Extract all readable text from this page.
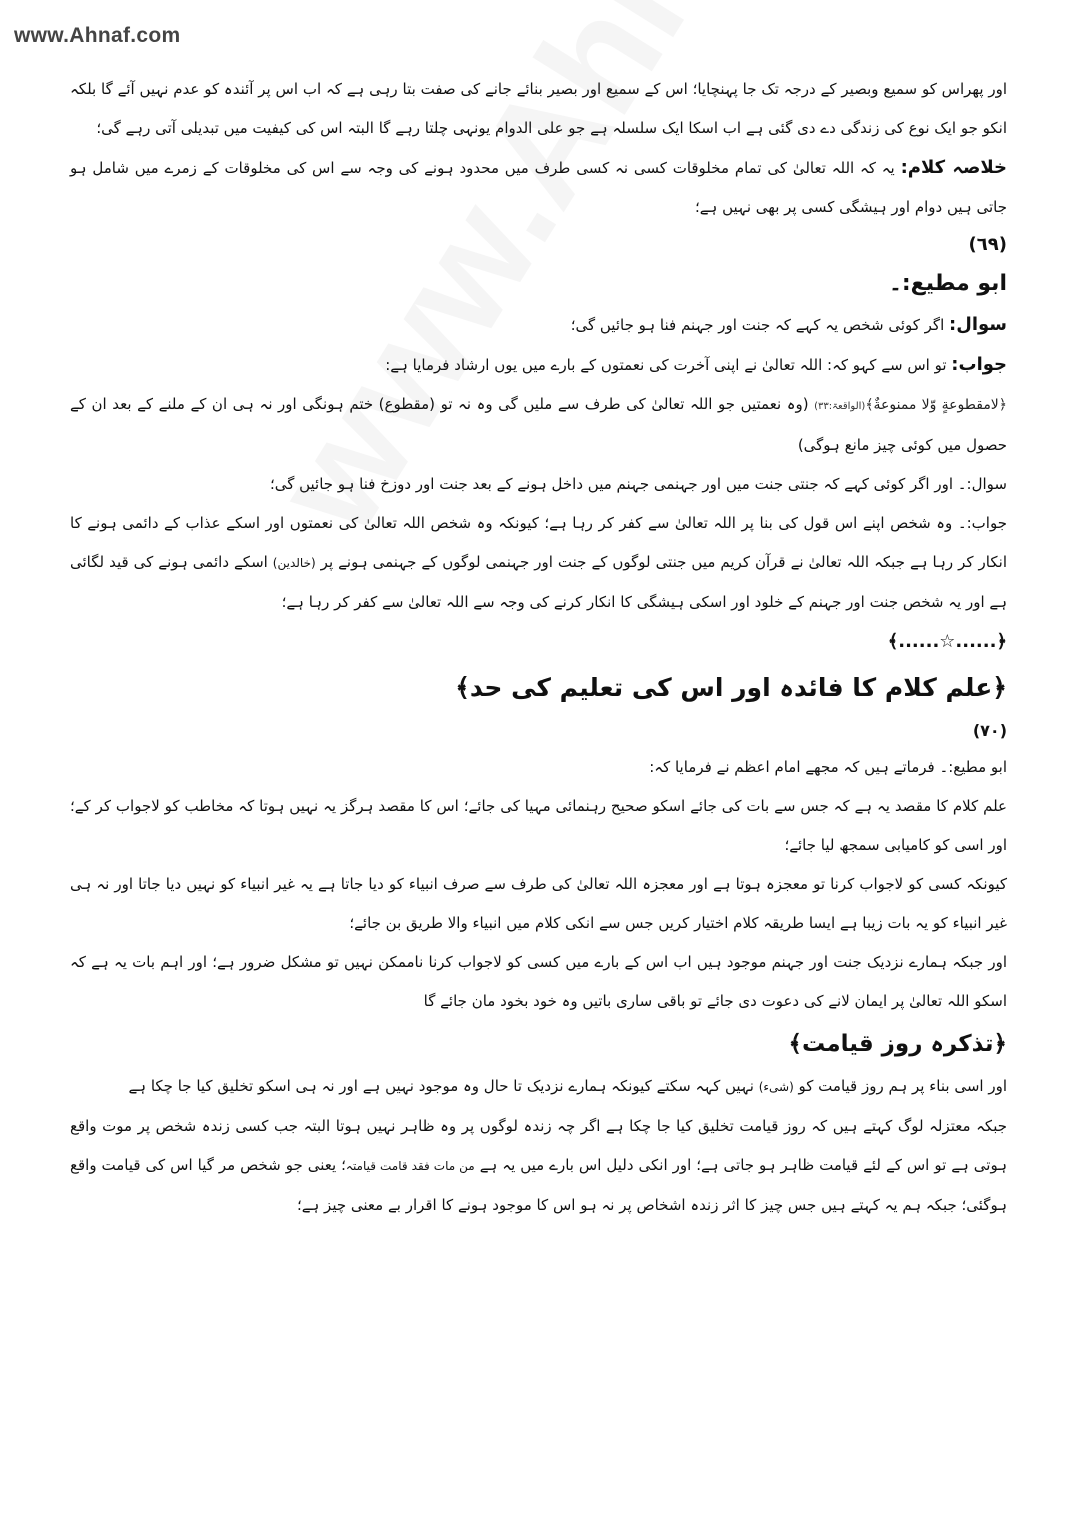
www.Ahnaf.com

اور پھراس کو سمیع وبصیر کے درجہ تک جا پہنچایا؛ اس کے سمیع اور بصیر بنائے جانے کی صفت بتا رہی ہے کہ اب اس پر آئندہ کو عدم نہیں آئے گا بلکہ انکو جو ایک نوع کی زندگی دے دی گئی ہے اب اسکا ایک سلسلہ ہے جو علی الدوام یونہی چلتا رہے گا البتہ اس کی کیفیت میں تبدیلی آتی رہے گی؛

خلاصہ کلام: یہ کہ اللہ تعالیٰ کی تمام مخلوقات کسی نہ کسی طرف میں محدود ہونے کی وجہ سے اس کی مخلوقات کے زمرے میں شامل ہو جاتی ہیں دوام اور ہیشگی کسی پر بھی نہیں ہے؛

(٦٩)
ابو مطیع:۔

سوال: اگر کوئی شخص یہ کہے کہ جنت اور جہنم فنا ہو جائیں گی؛

جواب: تو اس سے کہو کہ: اللہ تعالیٰ نے اپنی آخرت کی نعمتوں کے بارے میں یوں ارشاد فرمایا ہے:

﴿لامقطوعةٍ وّلا ممنوعةٌ﴾(الواقعۃ:۳۳) (وہ نعمتیں جو اللہ تعالیٰ کی طرف سے ملیں گی وہ نہ تو (مقطوع) ختم ہونگی اور نہ ہی ان کے ملنے کے بعد ان کے حصول میں کوئی چیز مانع ہوگی)

سوال:۔ اور اگر کوئی کہے کہ جنتی جنت میں اور جہنمی جہنم میں داخل ہونے کے بعد جنت اور دوزخ فنا ہو جائیں گی؛

جواب:۔ وہ شخص اپنے اس قول کی بنا پر اللہ تعالیٰ سے کفر کر رہا ہے؛ کیونکہ وہ شخص اللہ تعالیٰ کی نعمتوں اور اسکے عذاب کے دائمی ہونے کا انکار کر رہا ہے جبکہ اللہ تعالیٰ نے قرآن کریم میں جنتی لوگوں کے جنت اور جہنمی لوگوں کے جہنمی ہونے پر (خالدین) اسکے دائمی ہونے کی قید لگائی ہے اور یہ شخص جنت اور جہنم کے خلود اور اسکی ہیشگی کا انکار کرنے کی وجہ سے اللہ تعالیٰ سے کفر کر رہا ہے؛

﴿......☆......﴾
﴿علم کلام کا فائدہ اور اس کی تعلیم کی حد﴾
(٧٠)

ابو مطیع:۔ فرماتے ہیں کہ مجھے امام اعظم نے فرمایا کہ:

علم کلام کا مقصد یہ ہے کہ جس سے بات کی جائے اسکو صحیح رہنمائی مہیا کی جائے؛ اس کا مقصد ہرگز یہ نہیں ہوتا کہ مخاطب کو لاجواب کر کے؛ اور اسی کو کامیابی سمجھ لیا جائے؛

کیونکہ کسی کو لاجواب کرنا تو معجزہ ہوتا ہے اور معجزہ اللہ تعالیٰ کی طرف سے صرف انبیاء کو دیا جاتا ہے یہ غیر انبیاء کو نہیں دیا جاتا اور نہ ہی غیر انبیاء کو یہ بات زیبا ہے ایسا طریقہ کلام اختیار کریں جس سے انکی کلام میں انبیاء والا طریق بن جائے؛

اور جبکہ ہمارے نزدیک جنت اور جہنم موجود ہیں اب اس کے بارے میں کسی کو لاجواب کرنا ناممکن نہیں تو مشکل ضرور ہے؛ اور اہم بات یہ ہے کہ اسکو اللہ تعالیٰ پر ایمان لانے کی دعوت دی جائے تو باقی ساری باتیں وہ خود بخود مان جائے گا

﴿تذکرہ روز قیامت﴾

اور اسی بناء پر ہم روز قیامت کو (شیء) نہیں کہہ سکتے کیونکہ ہمارے نزدیک تا حال وہ موجود نہیں ہے اور نہ ہی اسکو تخلیق کیا جا چکا ہے

جبکہ معتزلہ لوگ کہتے ہیں کہ روز قیامت تخلیق کیا جا چکا ہے اگر چہ زندہ لوگوں پر وہ ظاہر نہیں ہوتا البتہ جب کسی زندہ شخص پر موت واقع ہوتی ہے تو اس کے لئے قیامت ظاہر ہو جاتی ہے؛ اور انکی دلیل اس بارے میں یہ ہے من مات فقد قامت قیامتہ؛ یعنی جو شخص مر گیا اس کی قیامت واقع ہوگئی؛ جبکہ ہم یہ کہتے ہیں جس چیز کا اثر زندہ اشخاص پر نہ ہو اس کا موجود ہونے کا اقرار بے معنی چیز ہے؛
